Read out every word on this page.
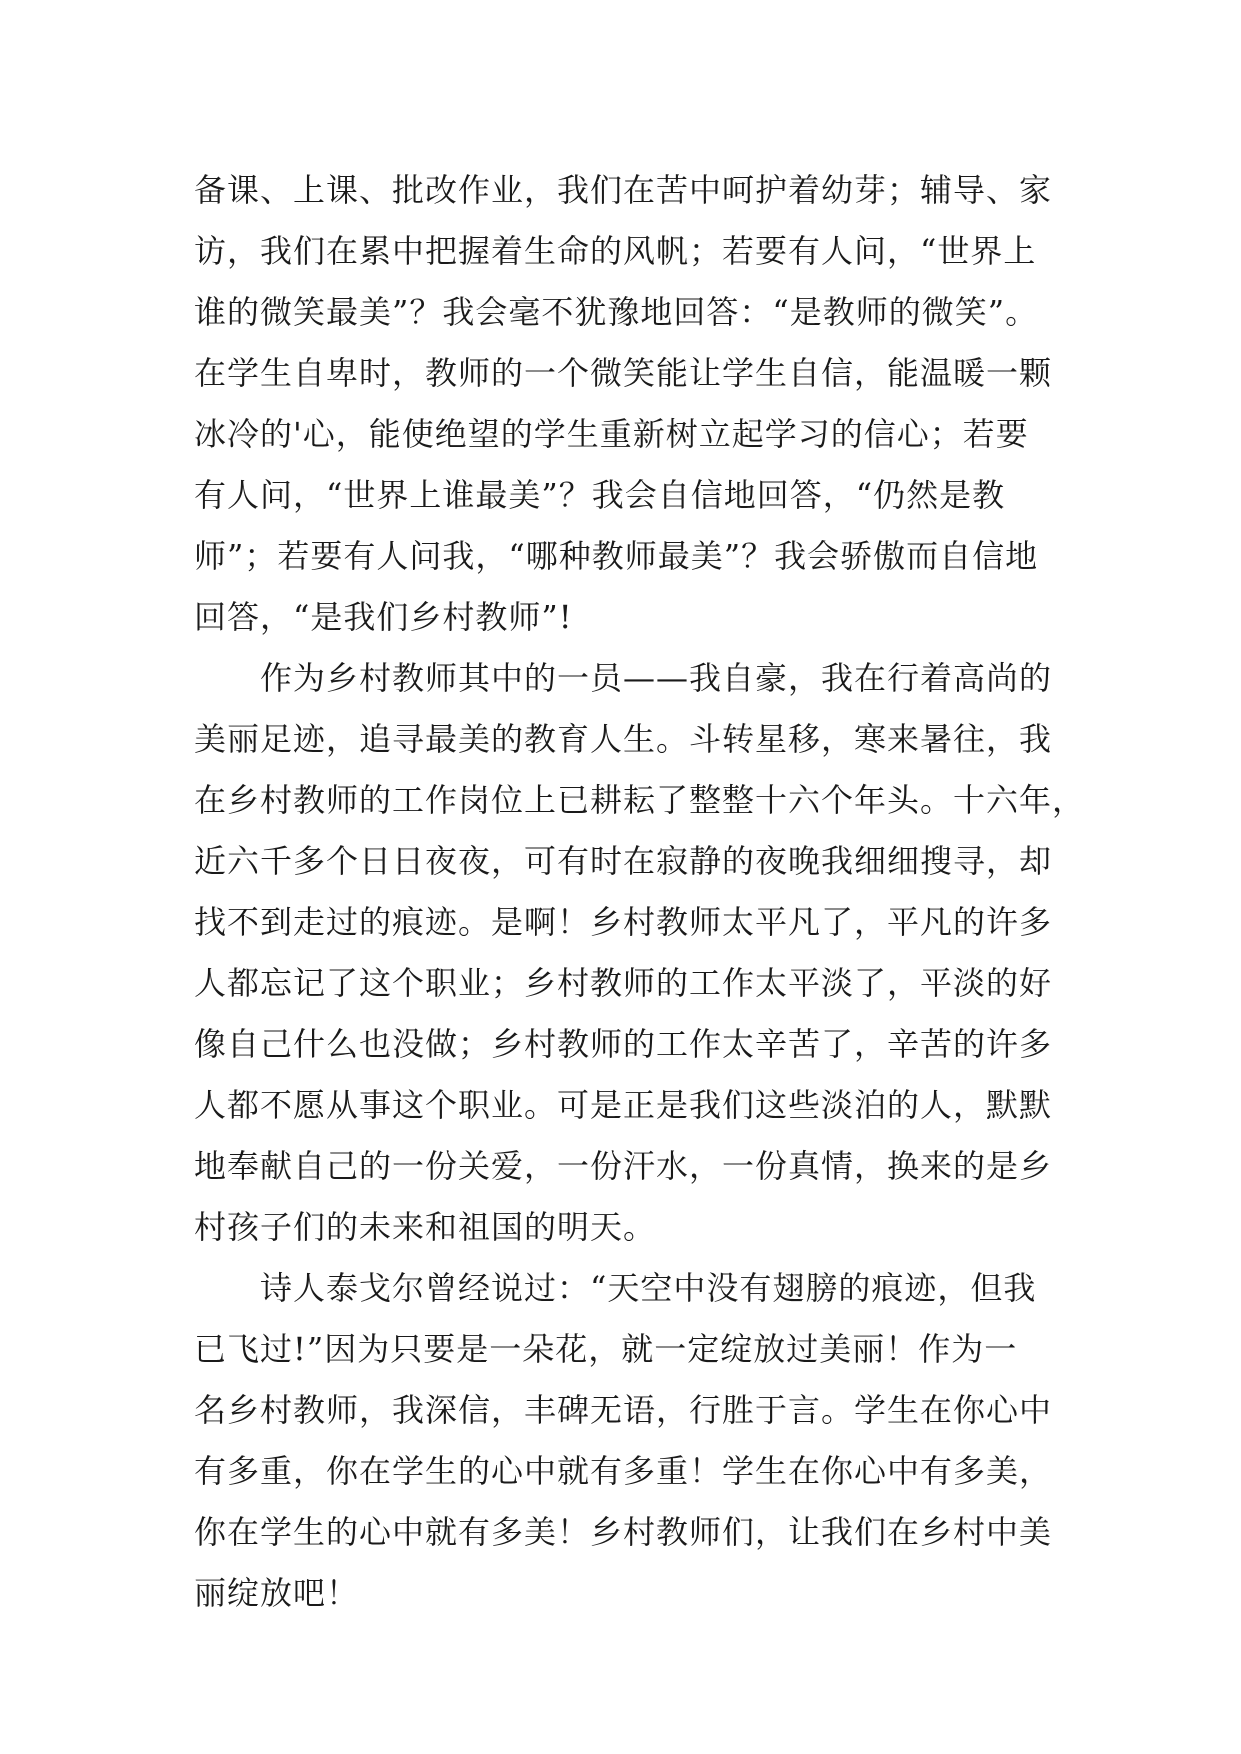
备课、上课、批改作业，我们在苦中呵护着幼芽；辅导、家
访，我们在累中把握着生命的风帆；若要有人问，“世界上
谁的微笑最美”？我会毫不犹豫地回答：“是教师的微笑”。
在学生自卑时，教师的一个微笑能让学生自信，能温暖一颗
冰冷的'心，能使绝望的学生重新树立起学习的信心；若要
有人问，“世界上谁最美”？我会自信地回答，“仍然是教
师”；若要有人问我，“哪种教师最美”？我会骄傲而自信地
回答，“是我们乡村教师”!
　　作为乡村教师其中的一员——我自豪，我在行着高尚的
美丽足迹，追寻最美的教育人生。斗转星移，寒来暑往，我
在乡村教师的工作岗位上已耕耘了整整十六个年头。十六年，
近六千多个日日夜夜，可有时在寂静的夜晚我细细搜寻，却
找不到走过的痕迹。是啊！乡村教师太平凡了，平凡的许多
人都忘记了这个职业；乡村教师的工作太平淡了，平淡的好
像自己什么也没做；乡村教师的工作太辛苦了，辛苦的许多
人都不愿从事这个职业。可是正是我们这些淡泊的人，默默
地奉献自己的一份关爱，一份汗水，一份真情，换来的是乡
村孩子们的未来和祖国的明天。
　　诗人泰戈尔曾经说过：“天空中没有翅膀的痕迹，但我
已飞过!”因为只要是一朵花，就一定绽放过美丽！作为一
名乡村教师，我深信，丰碑无语，行胜于言。学生在你心中
有多重，你在学生的心中就有多重！学生在你心中有多美，
你在学生的心中就有多美！乡村教师们，让我们在乡村中美
丽绽放吧！
